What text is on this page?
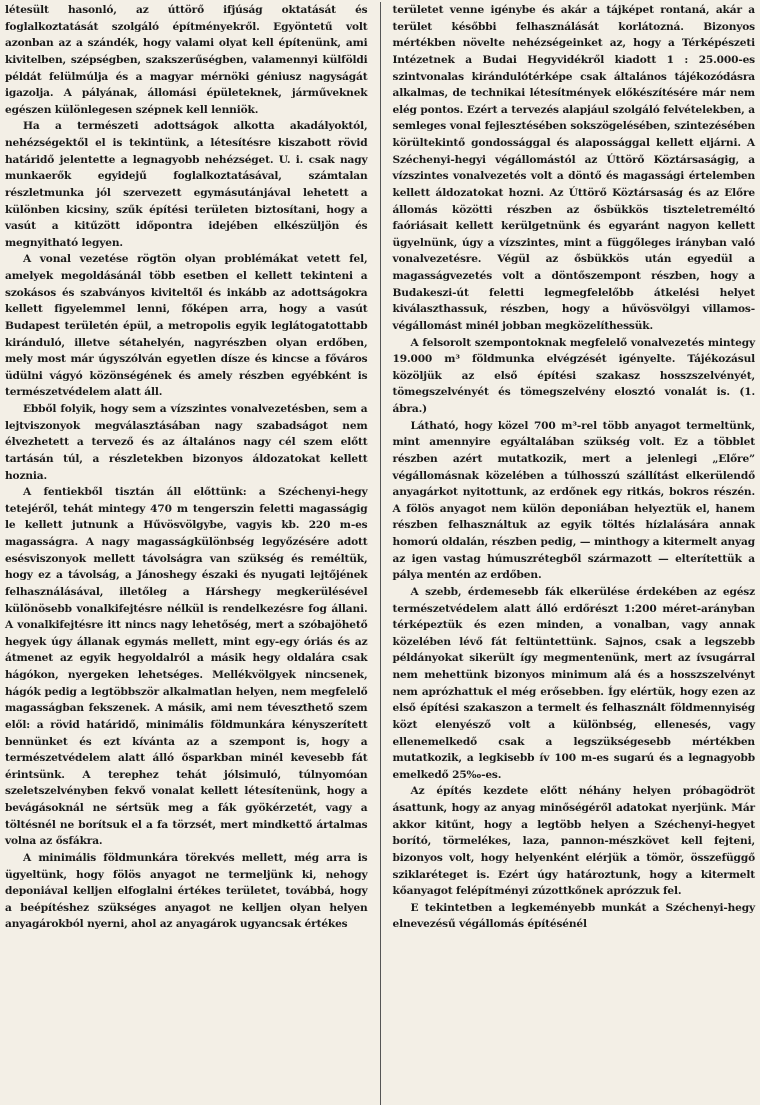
létesült hasonló, az úttörő ifjúság oktatását és foglalkoztatását szolgáló építményekről. Egyöntetű volt azonban az a szándék, hogy valami olyat kell építenünk, ami kivitelben, szépségben, szakszerűségben, valamennyi külföldi példát felülmúlja és a magyar mérnöki géniusz nagyságát igazolja. A pályának, állomási épületeknek, járműveknek egészen különlegesen szépnek kell lenniök.

Ha a természeti adottságok alkotta akadályoktól, nehézségektől el is tekintünk, a létesítésre kiszabott rövid határidő jelentette a legnagyobb nehézséget. U. i. csak nagy munkaerők egyidejű foglalkoztatásával, számtalan részletmunka jól szervezett egymásutánjával lehetett a különben kicsiny, szűk építési területen biztosítani, hogy a vasút a kitűzött időpontra idejében elkészüljön és megnyitható legyen.

A vonal vezetése rögtön olyan problémákat vetett fel, amelyek megoldásánál több esetben el kellett tekinteni a szokásos és szabványos kiviteltől és inkább az adottságokra kellett figyelemmel lenni, főképen arra, hogy a vasút Budapest területén épül, a metropolis egyik leglátogatottabb kiránduló, illetve sétahelyén, nagyrészben olyan erdőben, mely most már úgyszólván egyetlen dísze és kincse a főváros üdülni vágyó közönségének és amely részben egyébként is természetvédelem alatt áll.

Ebből folyik, hogy sem a vízszintes vonalvezetésben, sem a lejtviszonyok megválasztásában nagy szabadságot nem élvezhetett a tervező és az általános nagy cél szem előtt tartásán túl, a részletekben bizonyos áldozatokat kellett hoznia.

A fentiekből tisztán áll előttünk: a Széchenyi-hegy tetejéről, tehát mintegy 470 m tengerszin feletti magasságig le kellett jutnunk a Hűvösvölgybe, vagyis kb. 220 m-es magasságra. A nagy magasságkülönbség legyőzésére adott esésviszonyok mellett távolságra van szükség és reméltük, hogy ez a távolság, a Jánoshegy északi és nyugati lejtőjének felhasználásával, illetőleg a Hárshegy megkerülésével különösebb vonalkifejtésre nélkül is rendelkezésre fog állani. A vonalkifejtésre itt nincs nagy lehetőség, mert a szóbajöhető hegyek úgy állanak egymás mellett, mint egy-egy óriás és az átmenet az egyik hegyoldalról a másik hegy oldalára csak hágókon, nyergeken lehetséges. Mellékvölgyek nincsenek, hágók pedig a legtöbbször alkalmatlan helyen, nem megfelelő magasságban fekszenek. A másik, ami nem téveszthető szem elől: a rövid határidő, minimális földmunkára kényszerített bennünket és ezt kívánta az a szempont is, hogy a természetvédelem alatt álló ősparkban minél kevesebb fát érintsünk. A terephez tehát jólsimuló, túlnyomóan szeletszelvényben fekvő vonalat kellett létesítenünk, hogy a bevágásoknál ne sértsük meg a fák gyökérzetét, vagy a töltésnél ne borítsuk el a fa törzsét, mert mindkettő ártalmas volna az ősfákra.

A minimális földmunkára törekvés mellett, még arra is ügyeltünk, hogy fölös anyagot ne termeljünk ki, nehogy deponiával kelljen elfoglalni értékes területet, továbbá, hogy a beépítéshez szükséges anyagot ne kelljen olyan helyen anyagárokból nyerni, ahol az anyagárok ugyancsak értékes

területet venne igénybe és akár a tájképet rontaná, akár a terület későbbi felhasználását korlátozná. Bizonyos mértékben növelte nehézségeinket az, hogy a Térképészeti Intézetnek a Budai Hegyvidékről kiadott 1 : 25.000-es szintvonalas kirándulótérképe csak általános tájékozódásra alkalmas, de technikai létesítmények előkészítésére már nem elég pontos. Ezért a tervezés alapjául szolgáló felvételekben, a semleges vonal fejlesztésében sokszögelésében, szintezésében körültekintő gondossággal és alapossággal kellett eljárni. A Széchenyi-hegyi végállomástól az Úttörő Köztársaságig, a vízszintes vonalvezetés volt a döntő és magassági értelemben kellett áldozatokat hozni. Az Úttörő Köztársaság és az Előre állomás közötti részben az ősbükkös tiszteletreméltó faóriásait kellett kerülgetnünk és egyaránt nagyon kellett ügyelnünk, úgy a vízszintes, mint a függőleges irányban való vonalvezetésre. Végül az ősbükkös után egyedül a magasságvezetés volt a döntőszempont részben, hogy a Budakeszi-út feletti legmegfelelőbb átkelési helyet kiválaszthassuk, részben, hogy a hűvösvölgyi villamos-végállomást minél jobban megközelíthessük.

A felsorolt szempontoknak megfelelő vonalvezetés mintegy 19.000 m³ földmunka elvégzését igényelte. Tájékozásul közöljük az első építési szakasz hosszszelvényét, tömegszelvényét és tömegszelvény elosztó vonalát is. (1. ábra.)

Látható, hogy közel 700 m³-rel több anyagot termeltünk, mint amennyire egyáltalában szükség volt. Ez a többlet részben azért mutatkozik, mert a jelenlegi „Előre” végállomásnak közelében a túlhosszú szállítást elkerülendő anyagárkot nyitottunk, az erdőnek egy ritkás, bokros részén. A fölös anyagot nem külön deponiában helyeztük el, hanem részben felhasználtuk az egyik töltés hízlalására annak homorú oldalán, részben pedig, — minthogy a kitermelt anyag az igen vastag húmuszrétegből származott — elterítettük a pálya mentén az erdőben.

A szebb, érdemesebb fák elkerülése érdekében az egész természetvédelem alatt álló erdőrészt 1:200 méret-arányban térképeztük és ezen minden, a vonalban, vagy annak közelében lévő fát feltüntettünk. Sajnos, csak a legszebb példányokat sikerült így megmentenünk, mert az ívsugárral nem mehettünk bizonyos minimum alá és a hosszszelvényt nem aprózhattuk el még erősebben. Így elértük, hogy ezen az első építési szakaszon a termelt és felhasznált földmennyiség közt elenyésző volt a különbség, ellenesés, vagy ellenemelkedő csak a legszükségesebb mértékben mutatkozik, a legkisebb ív 100 m-es sugarú és a legnagyobb emelkedő 25‰-es.

Az építés kezdete előtt néhány helyen próbagödröt ásattunk, hogy az anyag minőségéről adatokat nyerjünk. Már akkor kitűnt, hogy a legtöbb helyen a Széchenyi-hegyet borító, törmelékes, laza, pannon-mészkövet kell fejteni, bizonyos volt, hogy helyenként elérjük a tömör, összefüggő sziklaréteget is. Ezért úgy határoztunk, hogy a kitermelt kőanyagot felépítményi zúzottkőnek aprózzuk fel.

E tekintetben a legkeményebb munkát a Széchenyi-hegy elnevezésű végállomás építésénél
